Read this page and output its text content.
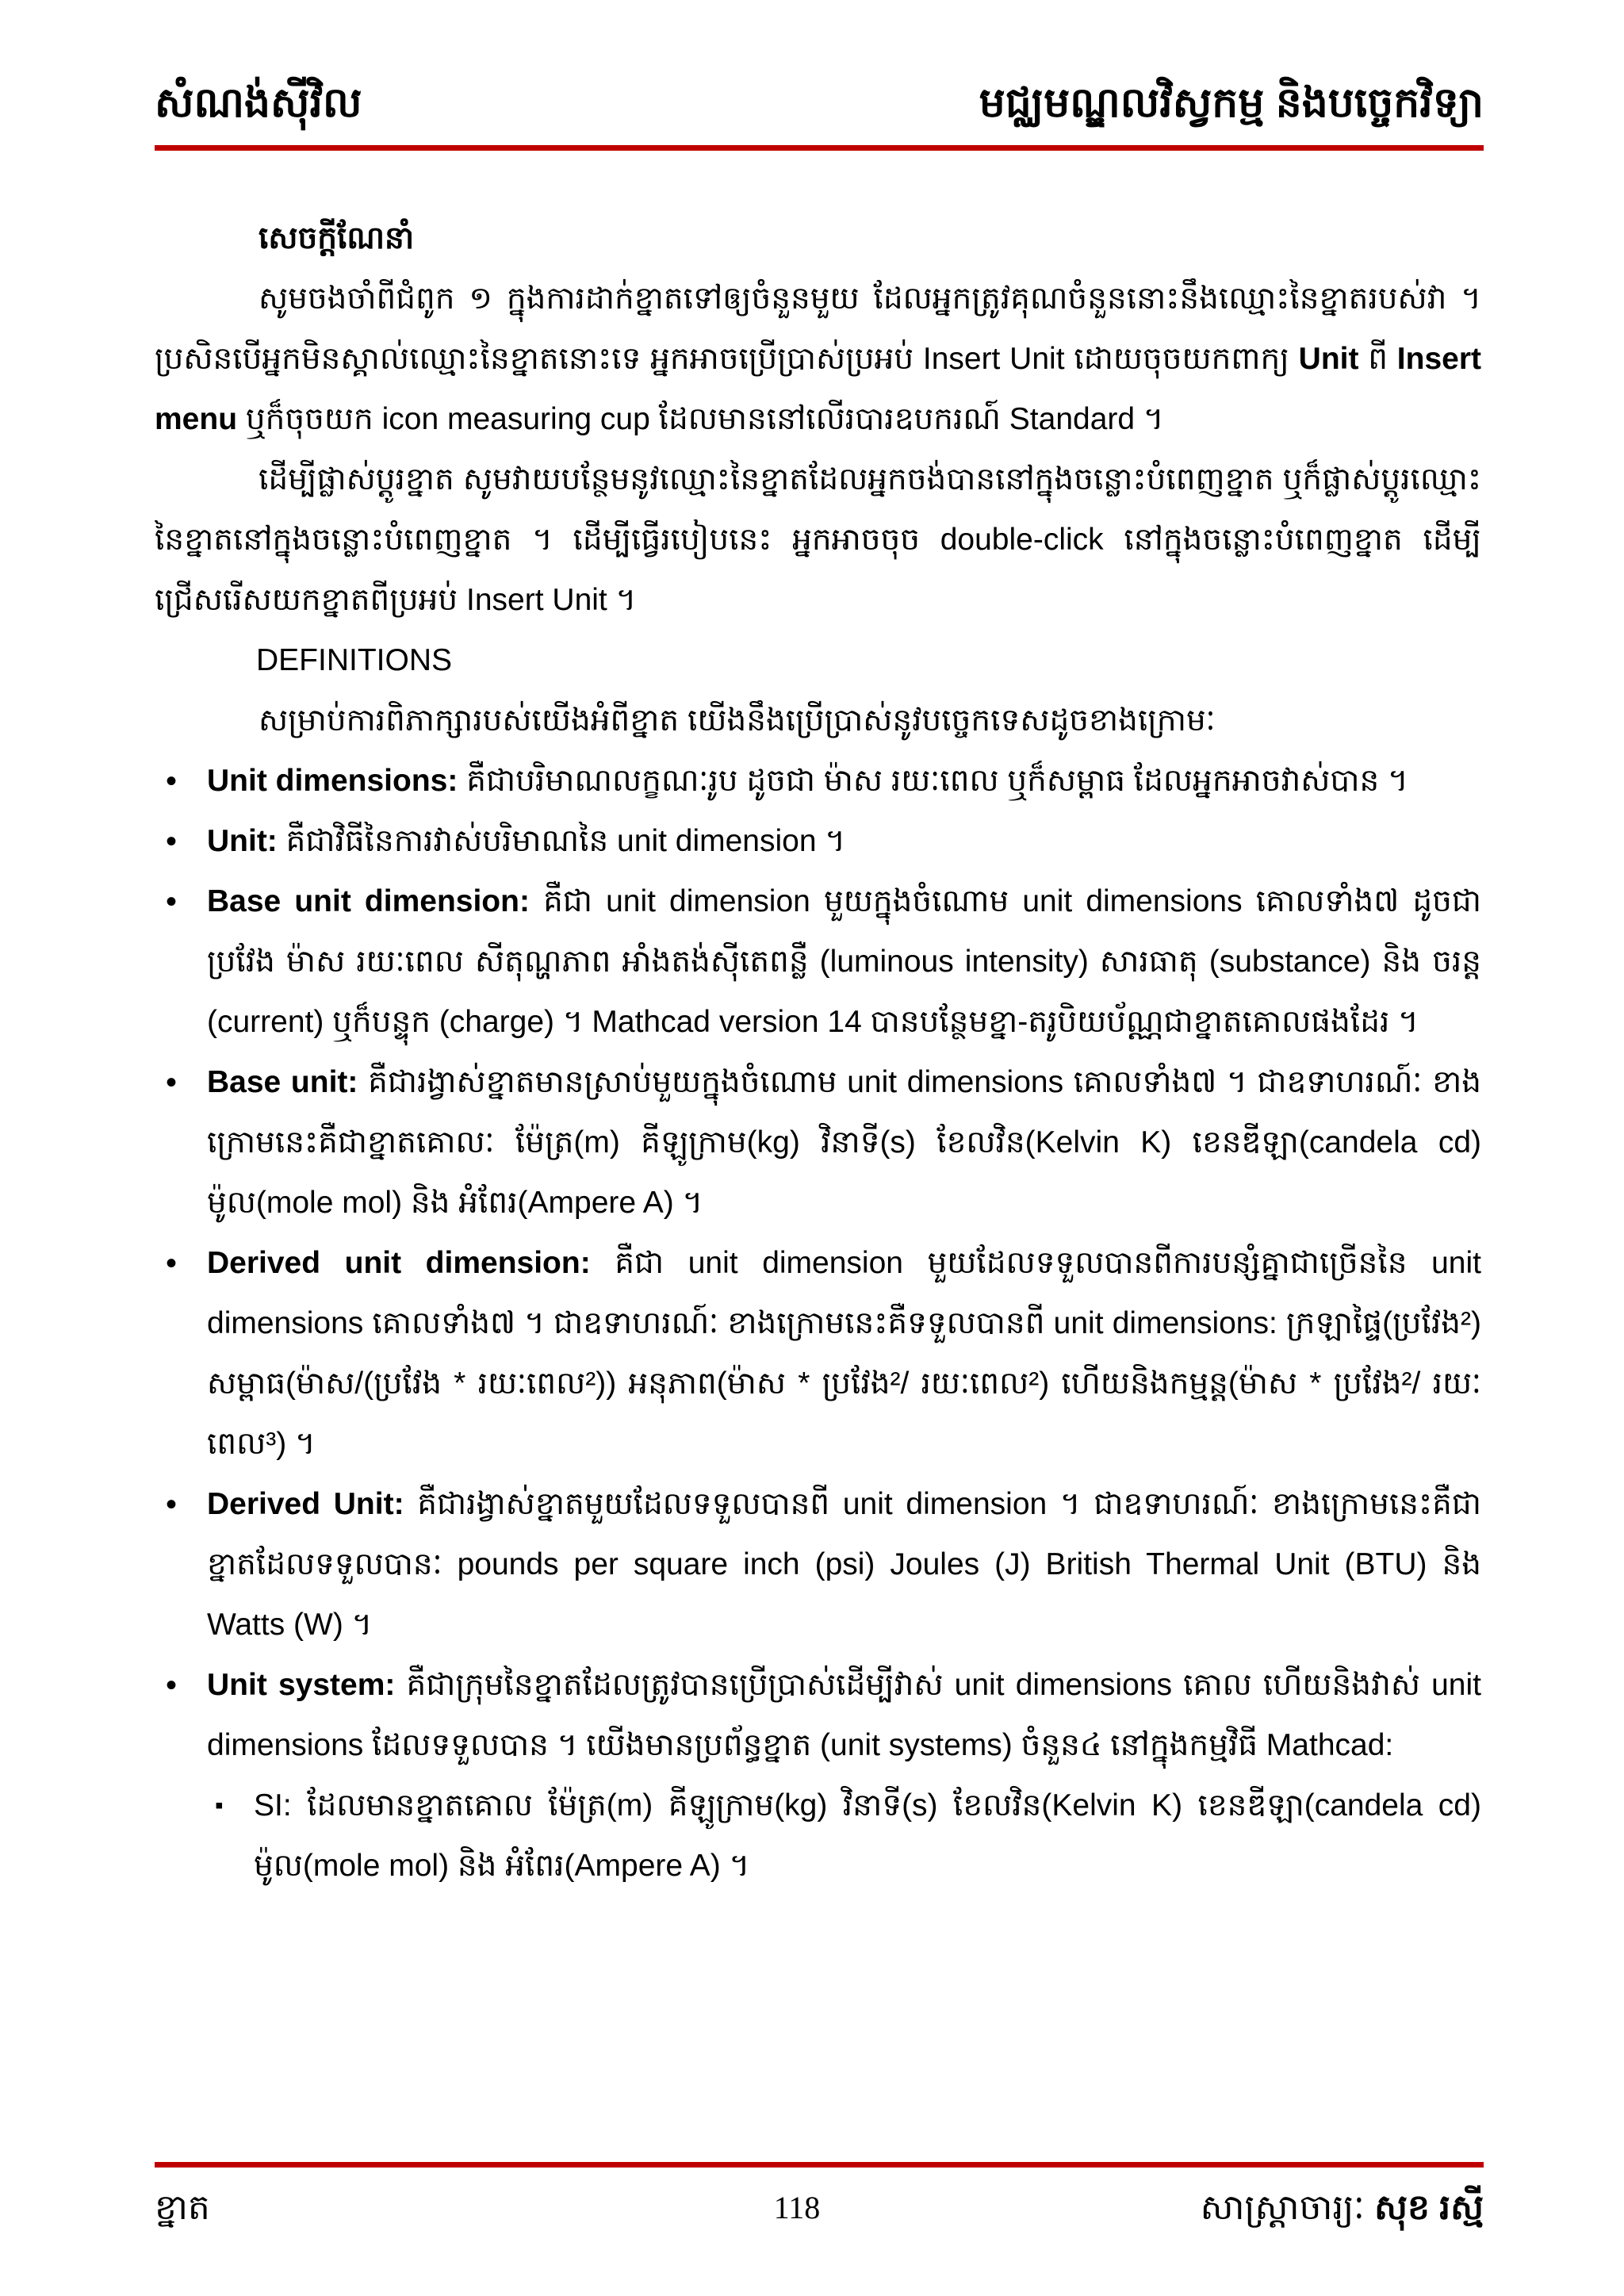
សំណង់ស៊ីវិល	មជ្ឈមណ្ឌលវិស្វកម្ម និងបច្ចេកវិទ្យា
សេចក្តីណែនាំ

សូមចងចាំពីជំពូក ១ ក្នុងការដាក់ខ្នាតទៅឲ្យចំនួនមួយ ដែលអ្នកត្រូវគុណចំនួននោះនឹងឈ្មោះនៃខ្នាតរបស់វា ។ ប្រសិនបើអ្នកមិនស្គាល់ឈ្មោះនៃខ្នាតនោះទេ អ្នកអាចប្រើប្រាស់ប្រអប់ Insert Unit ដោយចុចយកពាក្យ Unit ពី Insert menu ឬក៏ចុចយក icon measuring cup ដែលមាននៅលើរបារឧបករណ៍ Standard ។

ដើម្បីផ្លាស់ប្តូរខ្នាត សូមវាយបន្ថែមនូវឈ្មោះនៃខ្នាតដែលអ្នកចង់បាននៅក្នុងចន្លោះបំពេញខ្នាត ឬក៏ផ្លាស់ប្តូរឈ្មោះនៃខ្នាតនៅក្នុងចន្លោះបំពេញខ្នាត ។ ដើម្បីធ្វើរបៀបនេះ អ្នកអាចចុច double-click នៅក្នុងចន្លោះបំពេញខ្នាត ដើម្បីជ្រើសរើសយកខ្នាតពីប្រអប់ Insert Unit ។

DEFINITIONS

សម្រាប់ការពិភាក្សារបស់យើងអំពីខ្នាត យើងនឹងប្រើប្រាស់នូវបច្ចេកទេសដូចខាងក្រោមៈ

• Unit dimensions: គឺជាបរិមាណលក្ខណៈរូប ដូចជា ម៉ាស រយៈពេល ឬក៏សម្ពាធ ដែលអ្នកអាចវាស់បាន ។
• Unit: គឺជាវិធីនៃការវាស់បរិមាណនៃ unit dimension ។
• Base unit dimension: គឺជា unit dimension មួយក្នុងចំណោម unit dimensions គោលទាំង៧ ដូចជា ប្រវែង ម៉ាស រយៈពេល សីតុណ្ហភាព អាំងតង់ស៊ីតេពន្លឺ (luminous intensity) សារធាតុ (substance) និង ចរន្ត (current) ឬក៏បន្ទុក (charge) ។ Mathcad version 14 បានបន្ថែមខ្នា-តរូបិយប័ណ្ណជាខ្នាតគោលផងដែរ ។
• Base unit: គឺជារង្វាស់ខ្នាតមានស្រាប់មួយក្នុងចំណោម unit dimensions គោលទាំង៧ ។ ជាឧទាហរណ៍ៈ ខាងក្រោមនេះគឺជាខ្នាតគោលៈ ម៉ែត្រ(m) គីឡូក្រាម(kg) វិនាទី(s) ខែលវិន(Kelvin K) ខេនឌីឡា(candela cd) ម៉ូល(mole mol) និង អំពែរ(Ampere A) ។
• Derived unit dimension: គឺជា unit dimension មួយដែលទទួលបានពីការបន្សំគ្នាជាច្រើននៃ unit dimensions គោលទាំង៧ ។ ជាឧទាហរណ៍ៈ ខាងក្រោមនេះគឺទទួលបានពី unit dimensions: ក្រឡាផ្ទៃ(ប្រវែង²) សម្ពាធ(ម៉ាស/(ប្រវែង * រយៈពេល²)) អនុភាព(ម៉ាស * ប្រវែង²/ រយៈពេល²) ហើយនិងកម្មន្ត(ម៉ាស * ប្រវែង²/ រយៈពេល³) ។
• Derived Unit: គឺជារង្វាស់ខ្នាតមួយដែលទទួលបានពី unit dimension ។ ជាឧទាហរណ៍ៈ ខាងក្រោមនេះគឺជាខ្នាតដែលទទួលបានៈ pounds per square inch (psi) Joules (J) British Thermal Unit (BTU) និង Watts (W) ។
• Unit system: គឺជាក្រុមនៃខ្នាតដែលត្រូវបានប្រើប្រាស់ដើម្បីវាស់ unit dimensions គោល ហើយនិងវាស់ unit dimensions ដែលទទួលបាន ។ យើងមានប្រព័ន្ធខ្នាត (unit systems) ចំនួន៤ នៅក្នុងកម្មវិធី Mathcad:
▪ SI: ដែលមានខ្នាតគោល ម៉ែត្រ(m) គីឡូក្រាម(kg) វិនាទី(s) ខែលវិន(Kelvin K) ខេនឌីឡា(candela cd) ម៉ូល(mole mol) និង អំពែរ(Ampere A) ។
ខ្នាត	118	សាស្ត្រាចារ្យៈ សុខ រស្មី
